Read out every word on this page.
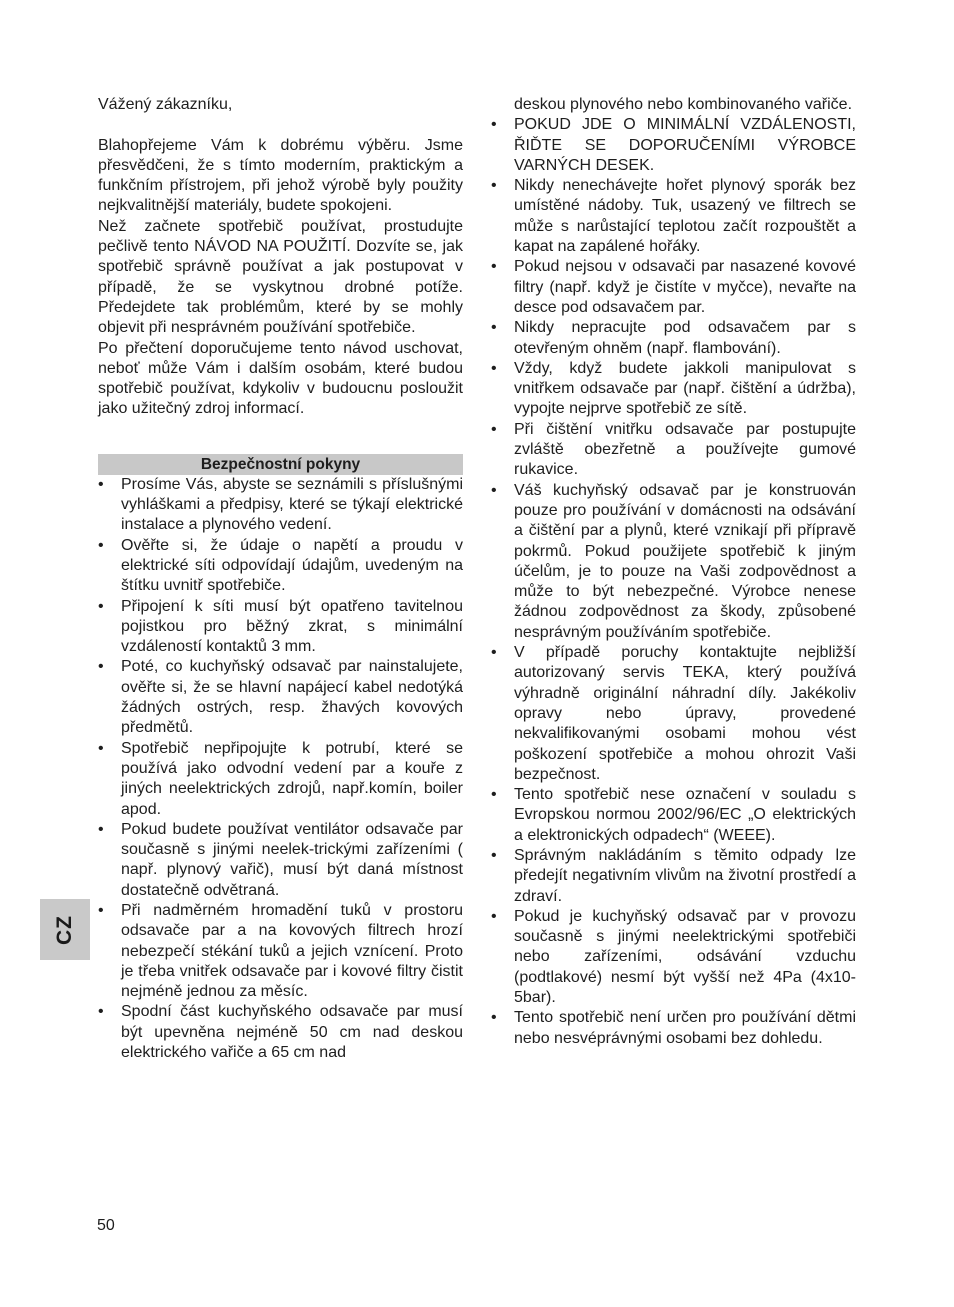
Vážený zákazníku,

Blahopřejeme Vám k dobrému výběru. Jsme přesvědčeni, že s tímto moderním, praktickým a funkčním přístrojem, při jehož výrobě byly použity nejkvalitnější materiály, budete spokojeni.

Než začnete spotřebič používat, prostudujte pečlivě tento NÁVOD NA POUŽITÍ. Dozvíte se, jak spotřebič správně používat a jak postupovat v případě, že se vyskytnou drobné potíže. Předejdete tak problémům, které by se mohly objevit při nesprávném používání spotřebiče.

Po přečtení doporučujeme tento návod uschovat, neboť může Vám i dalším osobám, které budou spotřebič používat, kdykoliv v budoucnu posloužit jako užitečný zdroj informací.

Bezpečnostní pokyny
• Prosíme Vás, abyste se seznámili s příslušnými vyhláškami a předpisy, které se týkají elektrické instalace a plynového vedení.
• Ověřte si, že údaje o napětí a proudu v elektrické síti odpovídají údajům, uvedeným na štítku uvnitř spotřebiče.
• Připojení k síti musí být opatřeno tavitelnou pojistkou pro běžný zkrat, s minimální vzdáleností kontaktů 3 mm.
• Poté, co kuchyňský odsavač par nainstalujete, ověřte si, že se hlavní napájecí kabel nedotýká žádných ostrých, resp. žhavých kovových předmětů.
• Spotřebič nepřipojujte k potrubí, které se používá jako odvodní vedení par a kouře z jiných neelektrických zdrojů, např.komín, boiler apod.
• Pokud budete používat ventilátor odsavače par současně s jinými neelek-trickými zařízeními ( např. plynový vařič), musí být daná místnost dostatečně odvětraná.
• Při nadměrném hromadění tuků v prostoru odsavače par a na kovových filtrech hrozí nebezpečí stékání tuků a jejich vznícení. Proto je třeba vnitřek odsavače par i kovové filtry čistit nejméně jednou za měsíc.
• Spodní část kuchyňského odsavače par musí být upevněna nejméně 50 cm nad deskou elektrického vařiče a 65 cm nad

deskou plynového nebo kombinovaného vařiče.

• POKUD JDE O MINIMÁLNÍ VZDÁLENOSTI, ŘIĎTE SE DOPORUČENÍMI VÝROBCE VARNÝCH DESEK.
• Nikdy nenechávejte hořet plynový sporák bez umístěné nádoby. Tuk, usazený ve filtrech se může s narůstající teplotou začít rozpouštět a kapat na zapálené hořáky.
• Pokud nejsou v odsavači par nasazené kovové filtry (např. když je čistíte v myčce), nevařte na desce pod odsavačem par.
• Nikdy nepracujte pod odsavačem par s otevřeným ohněm (např. flambování).
• Vždy, když budete jakkoli manipulovat s vnitřkem odsavače par (např. čištění a údržba), vypojte nejprve spotřebič ze sítě.
• Při čištění vnitřku odsavače par postupujte zvláště obezřetně a používejte gumové rukavice.
• Váš kuchyňský odsavač par je konstruován pouze pro používání v domácnosti na odsávání a čištění par a plynů, které vznikají při přípravě pokrmů. Pokud použijete spotřebič k jiným účelům, je to pouze na Vaši zodpovědnost a může to být nebezpečné. Výrobce nenese žádnou zodpovědnost za škody, způsobené nesprávným používáním spotřebiče.
• V případě poruchy kontaktujte nejbližší autorizovaný servis TEKA, který používá výhradně originální náhradní díly. Jakékoliv opravy nebo úpravy, provedené nekvalifikovanými osobami mohou vést poškození spotřebiče a mohou ohrozit Vaši bezpečnost.
• Tento spotřebič nese označení v souladu s Evropskou normou 2002/96/EC „O elektrických a elektronických odpadech“ (WEEE).
• Správným nakládáním s těmito odpady lze předejít negativním vlivům na životní prostředí a zdraví.
• Pokud je kuchyňský odsavač par v provozu současně s jinými neelektrickými spotřebiči nebo zařízeními, odsávání vzduchu (podtlakové) nesmí být vyšší než 4Pa (4x10-5bar).
• Tento spotřebič není určen pro používání dětmi nebo nesvéprávnými osobami bez dohledu.
CZ
50
